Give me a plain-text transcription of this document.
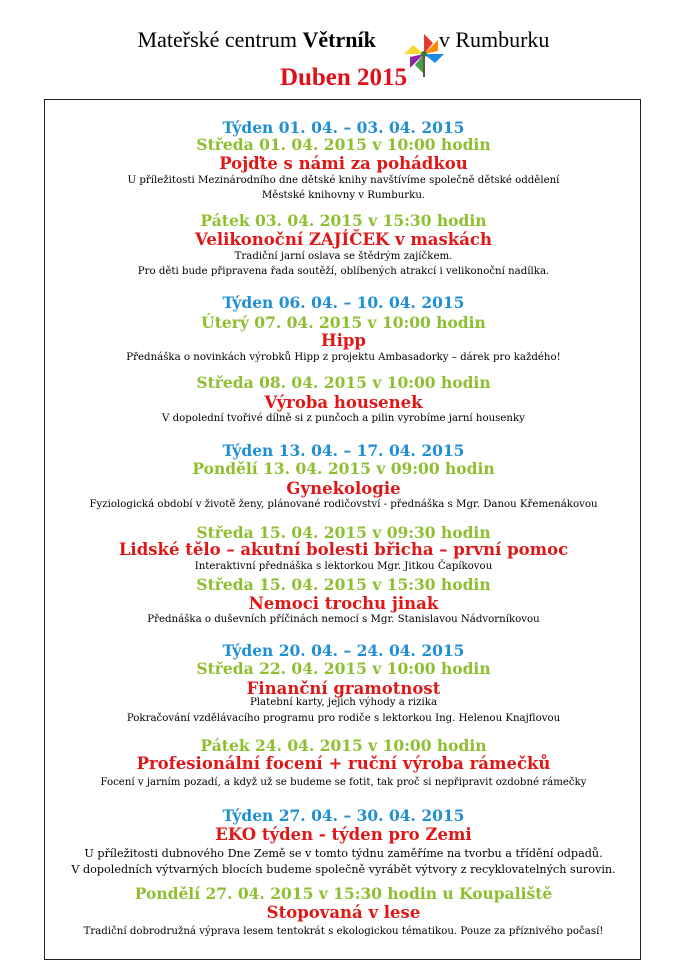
Mateřské centrum Větrník	v Rumburku
Duben 2015
Týden 01. 04. – 03. 04. 2015
Středa 01. 04. 2015 v 10:00 hodin
Pojďte s námi za pohádkou
U příležitosti Mezinárodního dne dětské knihy navštívíme společně dětské oddělení
Městské knihovny v Rumburku.
Pátek 03. 04. 2015 v 15:30 hodin
Velikonoční ZAJÍČEK v maskách
Tradiční jarní oslava se štědrým zajíčkem.
Pro děti bude připravena řada soutěží, oblíbených atrakcí i velikonoční nadílka.
Týden 06. 04. – 10. 04. 2015
Úterý 07. 04. 2015 v 10:00 hodin
Hipp
Přednáška o novinkách výrobků Hipp z projektu Ambasadorky – dárek pro každého!
Středa 08. 04. 2015 v 10:00 hodin
Výroba housenek
V dopolední tvořivé dílně si z punčoch a pilin vyrobíme jarní housenky
Týden 13. 04. – 17. 04. 2015
Pondělí 13. 04. 2015 v 09:00 hodin
Gynekologie
Fyziologická období v životě ženy, plánované rodičovství - přednáška s Mgr. Danou Křemenákovou
Středa 15. 04. 2015 v 09:30 hodin
Lidské tělo – akutní bolesti břicha – první pomoc
Interaktivní přednáška s lektorkou Mgr. Jitkou Čapíkovou
Středa 15. 04. 2015 v 15:30 hodin
Nemoci trochu jinak
Přednáška o duševních příčinách nemocí s Mgr. Stanislavou Nádvorníkovou
Týden 20. 04. – 24. 04. 2015
Středa 22. 04. 2015 v 10:00 hodin
Finanční gramotnost
Platební karty, jejich výhody a rizika
Pokračování vzdělávacího programu pro rodiče s lektorkou Ing. Helenou Knajflovou
Pátek 24. 04. 2015 v 10:00 hodin
Profesionální focení + ruční výroba rámečků
Focení v jarním pozadí, a když už se budeme se fotit, tak proč si nepřipravit ozdobné rámečky
Týden 27. 04. – 30. 04. 2015
EKO týden - týden pro Zemi
U příležitosti dubnového Dne Země se v tomto týdnu zaměříme na tvorbu a třídění odpadů.
V dopoledních výtvarných blocích budeme společně vyrábět výtvory z recyklovatelných surovin.
Pondělí 27. 04. 2015 v 15:30 hodin u Koupaliště
Stopovaná v lese
Tradiční dobrodružná výprava lesem tentokrát s ekologickou tématikou. Pouze za příznivého počasí!
